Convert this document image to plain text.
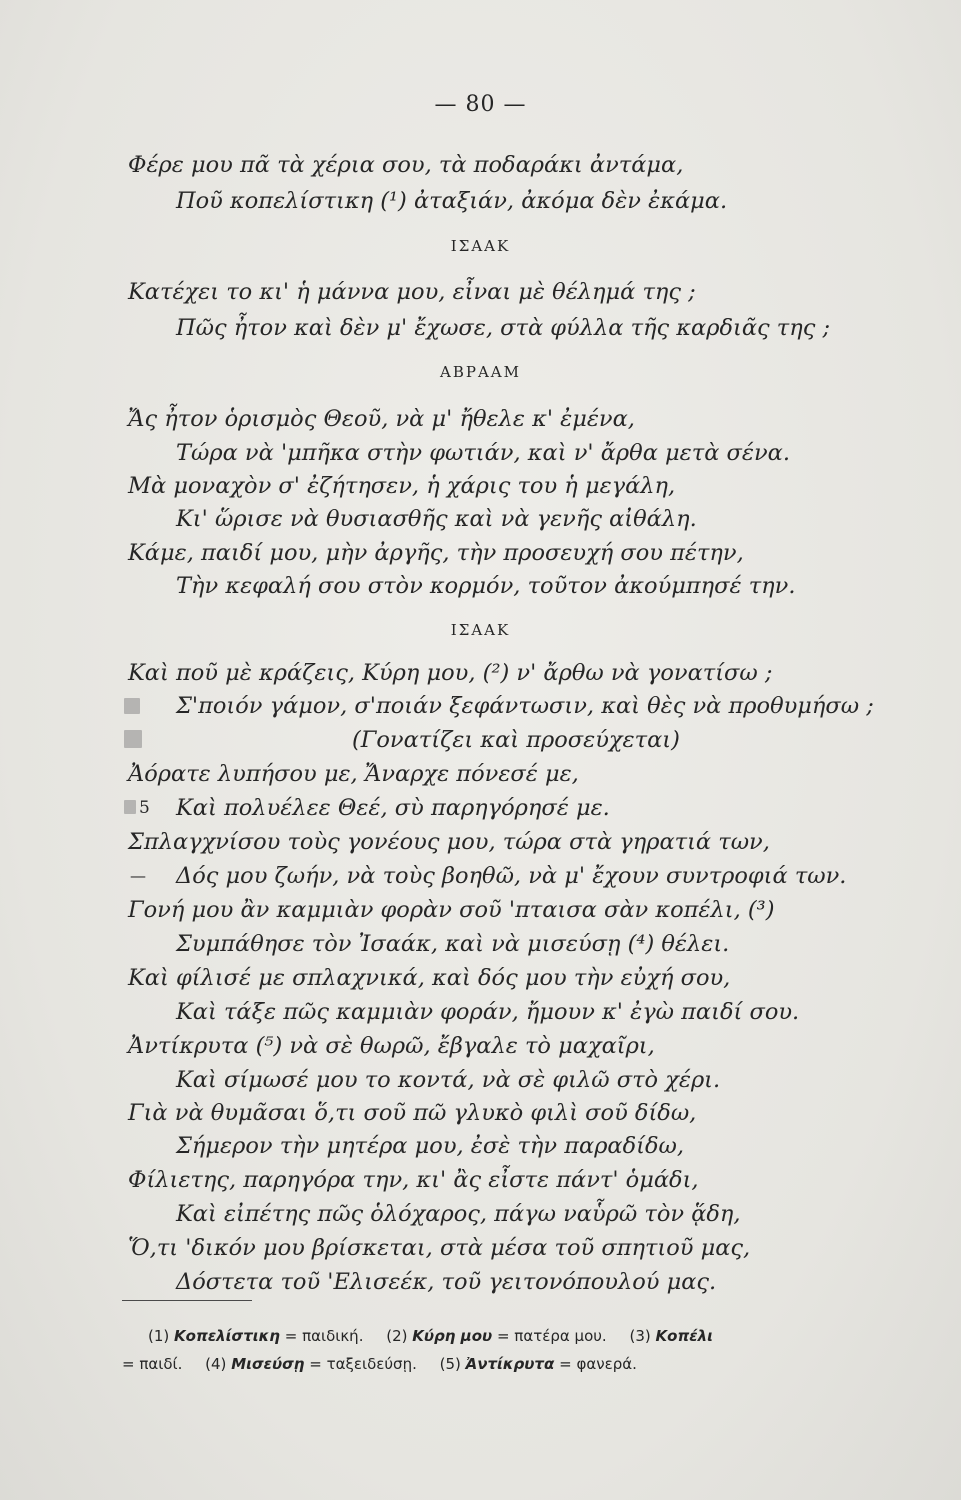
— 80 —
Φέρε μου πᾶ τὰ χέρια σου, τὰ ποδαράκι ἀντάμα,
Ποῦ κοπελίστικη (¹) ἀταξιάν, ἀκόμα δὲν ἐκάμα.
ΙΣΑΑΚ
Κατέχει το κι' ἡ μάννα μου, εἶναι μὲ θέλημά της ;
Πῶς ἦτον καὶ δὲν μ' ἔχωσε, στὰ φύλλα τῆς καρδιᾶς της ;
ΑΒΡΑΑΜ
Ἄς ἦτον ὁρισμὸς Θεοῦ, νὰ μ' ἤθελε κ' ἐμένα,
Τώρα νὰ 'μπῆκα στὴν φωτιάν, καὶ ν' ἄρθα μετὰ σένα.
Μὰ μοναχὸν σ' ἐζήτησεν, ἡ χάρις του ἡ μεγάλη,
Κι' ὥρισε νὰ θυσιασθῆς καὶ νὰ γενῆς αἰθάλη.
Κάμε, παιδί μου, μὴν ἀργῆς, τὴν προσευχή σου πέτην,
Τὴν κεφαλή σου στὸν κορμόν, τοῦτον ἀκούμπησέ την.
ΙΣΑΑΚ
Καὶ ποῦ μὲ κράζεις, Κύρη μου, (²) ν' ἄρθω νὰ γονατίσω ;
Σ'ποιόν γάμον, σ'ποιάν ξεφάντωσιν, καὶ θὲς νὰ προθυμήσω ;
(Γονατίζει καὶ προσεύχεται)
Ἀόρατε λυπήσου με, Ἄναρχε πόνεσέ με,
Καὶ πολυέλεε Θεέ, σὺ παρηγόρησέ με.
Σπλαγχνίσου τοὺς γονέους μου, τώρα στὰ γηρατιά των,
Δός μου ζωήν, νὰ τοὺς βοηθῶ, νὰ μ' ἔχουν συντροφιά των.
Γονή μου ἂν καμμιὰν φορὰν σοῦ 'πταισα σὰν κοπέλι, (³)
Συμπάθησε τὸν Ἰσαάκ, καὶ νὰ μισεύσῃ (⁴) θέλει.
Καὶ φίλισέ με σπλαχνικά, καὶ δός μου τὴν εὐχή σου,
Καὶ τάξε πῶς καμμιὰν φοράν, ἤμουν κ' ἐγὼ παιδί σου.
Ἀντίκρυτα (⁵) νὰ σὲ θωρῶ, ἔβγαλε τὸ μαχαῖρι,
Καὶ σίμωσέ μου το κοντά, νὰ σὲ φιλῶ στὸ χέρι.
Γιὰ νὰ θυμᾶσαι ὅ,τι σοῦ πῶ γλυκὸ φιλὶ σοῦ δίδω,
Σήμερον τὴν μητέρα μου, ἐσὲ τὴν παραδίδω,
Φίλιετης, παρηγόρα την, κι' ἂς εἶστε πάντ' ὁμάδι,
Καὶ εἰπέτης πῶς ὁλόχαρος, πάγω ναὗρῶ τὸν ᾅδη,
Ὅ,τι 'δικόν μου βρίσκεται, στὰ μέσα τοῦ σπητιοῦ μας,
Δόστετα τοῦ 'Ελισεέκ, τοῦ γειτονόπουλού μας.
5
—
(1) Κοπελίστικη = παιδική. (2) Κύρη μου = πατέρα μου. (3) Κοπέλι
= παιδί. (4) Μισεύσῃ = ταξειδεύσῃ. (5) Ἀντίκρυτα = φανερά.
